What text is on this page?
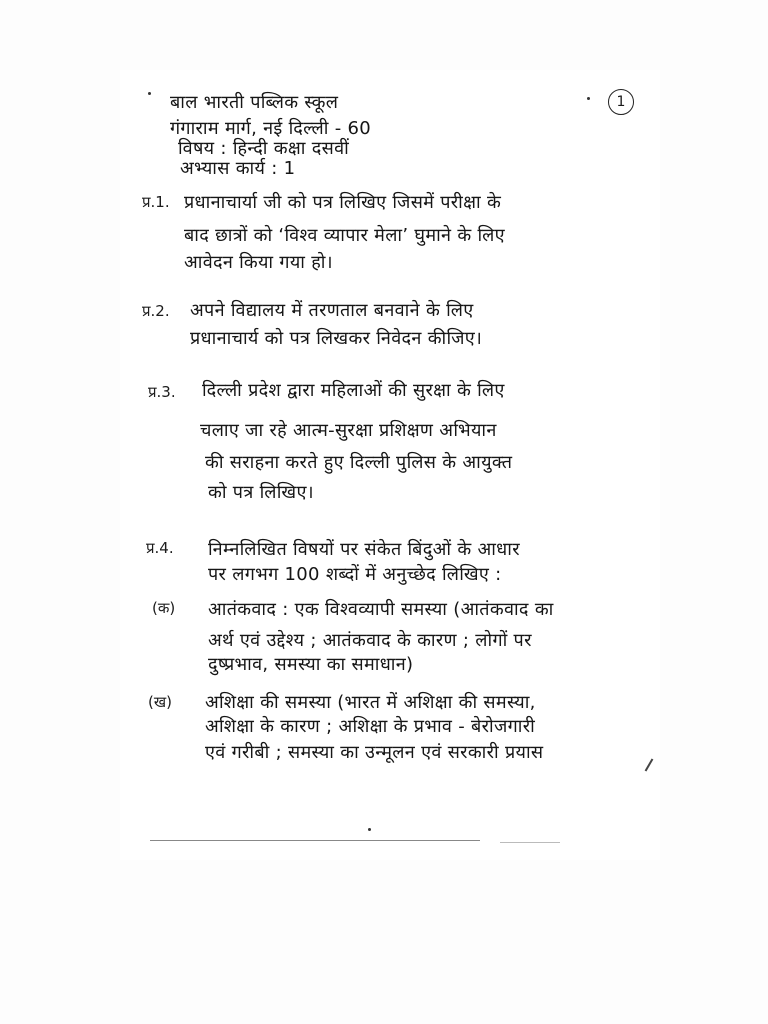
बाल भारती पब्लिक स्कूल
गंगाराम मार्ग, नई दिल्ली - 60
विषय : हिन्दी कक्षा दसवीं
अभ्यास कार्य : 1
1
प्र.1. प्रधानाचार्या जी को पत्र लिखिए जिसमें परीक्षा के
बाद छात्रों को ‘विश्व व्यापार मेला’ घुमाने के लिए
आवेदन किया गया हो।
प्र.2. अपने विद्यालय में तरणताल बनवाने के लिए
प्रधानाचार्य को पत्र लिखकर निवेदन कीजिए।
प्र.3. दिल्ली प्रदेश द्वारा महिलाओं की सुरक्षा के लिए
चलाए जा रहे आत्म-सुरक्षा प्रशिक्षण अभियान
की सराहना करते हुए दिल्ली पुलिस के आयुक्त
को पत्र लिखिए।
प्र.4. निम्नलिखित विषयों पर संकेत बिंदुओं के आधार
पर लगभग 100 शब्दों में अनुच्छेद लिखिए :
(क) आतंकवाद : एक विश्वव्यापी समस्या (आतंकवाद का
अर्थ एवं उद्देश्य ; आतंकवाद के कारण ; लोगों पर
दुष्प्रभाव, समस्या का समाधान)
(ख) अशिक्षा की समस्या (भारत में अशिक्षा की समस्या,
अशिक्षा के कारण ; अशिक्षा के प्रभाव - बेरोजगारी
एवं गरीबी ; समस्या का उन्मूलन एवं सरकारी प्रयास
